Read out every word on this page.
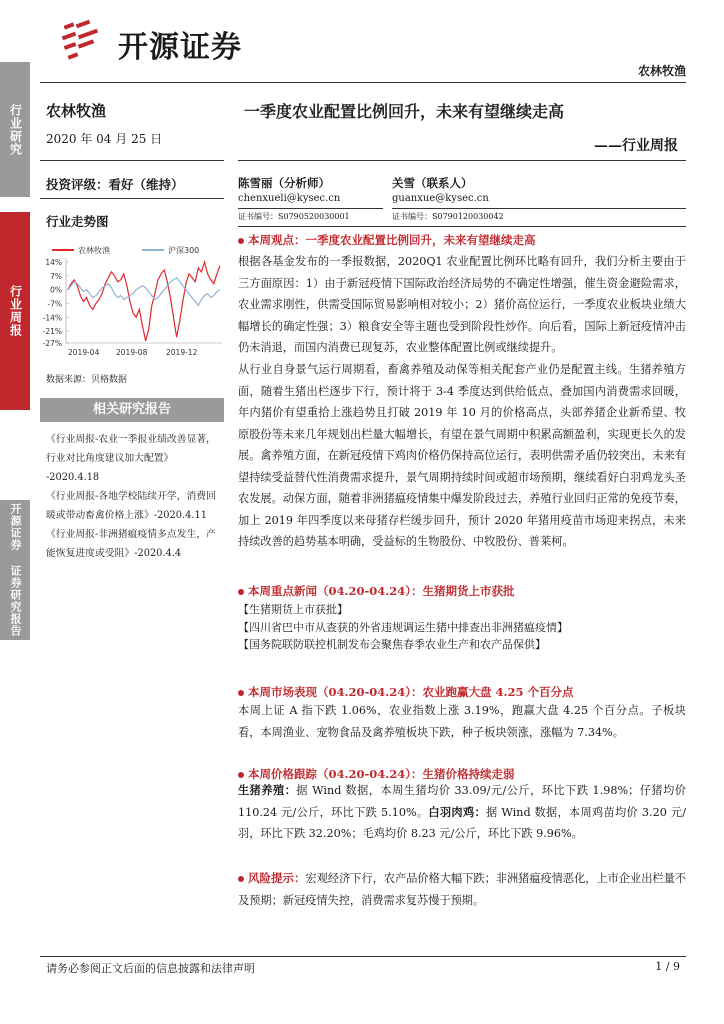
行业研究
行业周报
开源证券 证券研究报告
开源证券
农林牧渔
农林牧渔
2020 年 04 月 25 日
投资评级：看好（维持）
行业走势图
农林牧渔	沪深300
14%
7%
0%
-7%
-14%
-21%
-27%
2019-04 2019-08 2019-12
数据来源：贝格数据
相关研究报告
《行业周报-农业一季报业绩改善显著，行业对比角度建议加大配置》
-2020.4.18
《行业周报-各地学校陆续开学，消费回暖或带动畜禽价格上涨》-2020.4.11
《行业周报-非洲猪瘟疫情多点发生，产能恢复进度或受阻》-2020.4.4
一季度农业配置比例回升，未来有望继续走高
——行业周报
陈雪丽（分析师）
chenxueli@kysec.cn
关雪（联系人）
guanxue@kysec.cn
证书编号：S0790520030001	证书编号：S0790120030042
本周观点：一季度农业配置比例回升，未来有望继续走高
根据各基金发布的一季报数据，2020Q1 农业配置比例环比略有回升，我们分析主要由于三方面原因：1）由于新冠疫情下国际政治经济局势的不确定性增强，催生资金避险需求，农业需求刚性，供需受国际贸易影响相对较小；2）猪价高位运行，一季度农业板块业绩大幅增长的确定性强；3）粮食安全等主题也受到阶段性炒作。向后看，国际上新冠疫情冲击仍未消退，而国内消费已现复苏，农业整体配置比例或继续提升。
从行业自身景气运行周期看，畜禽养殖及动保等相关配套产业仍是配置主线。生猪养殖方面，随着生猪出栏逐步下行，预计将于 3-4 季度达到供给低点，叠加国内消费需求回暖，年内猪价有望重拾上涨趋势且打破 2019 年 10 月的价格高点，头部养猪企业新希望、牧原股份等未来几年规划出栏量大幅增长，有望在景气周期中积累高额盈利，实现更长久的发展。禽养殖方面，在新冠疫情下鸡肉价格仍保持高位运行，表明供需矛盾仍较突出，未来有望持续受益替代性消费需求提升，景气周期持续时间或超市场预期，继续看好白羽鸡龙头圣农发展。动保方面，随着非洲猪瘟疫情集中爆发阶段过去，养殖行业回归正常的免疫节奏，加上 2019 年四季度以来母猪存栏缓步回升，预计 2020 年猪用疫苗市场迎来拐点，未来持续改善的趋势基本明确，受益标的生物股份、中牧股份、普莱柯。
本周重点新闻（04.20-04.24）：生猪期货上市获批
【生猪期货上市获批】
【四川省巴中市从查获的外省违规调运生猪中排查出非洲猪瘟疫情】
【国务院联防联控机制发布会聚焦春季农业生产和农产品保供】
本周市场表现（04.20-04.24）：农业跑赢大盘 4.25 个百分点
本周上证 A 指下跌 1.06%，农业指数上涨 3.19%，跑赢大盘 4.25 个百分点。子板块看，本周渔业、宠物食品及禽养殖板块下跌，种子板块领涨，涨幅为 7.34%。
本周价格跟踪（04.20-04.24）：生猪价格持续走弱
生猪养殖：据 Wind 数据，本周生猪均价 33.09/元/公斤，环比下跌 1.98%；仔猪均价 110.24 元/公斤，环比下跌 5.10%。白羽肉鸡：据 Wind 数据，本周鸡苗均价 3.20 元/羽，环比下跌 32.20%；毛鸡均价 8.23 元/公斤，环比下跌 9.96%。
风险提示：宏观经济下行，农产品价格大幅下跌；非洲猪瘟疫情恶化，上市企业出栏量不及预期；新冠疫情失控，消费需求复苏慢于预期。
请务必参阅正文后面的信息披露和法律声明	1 / 9
